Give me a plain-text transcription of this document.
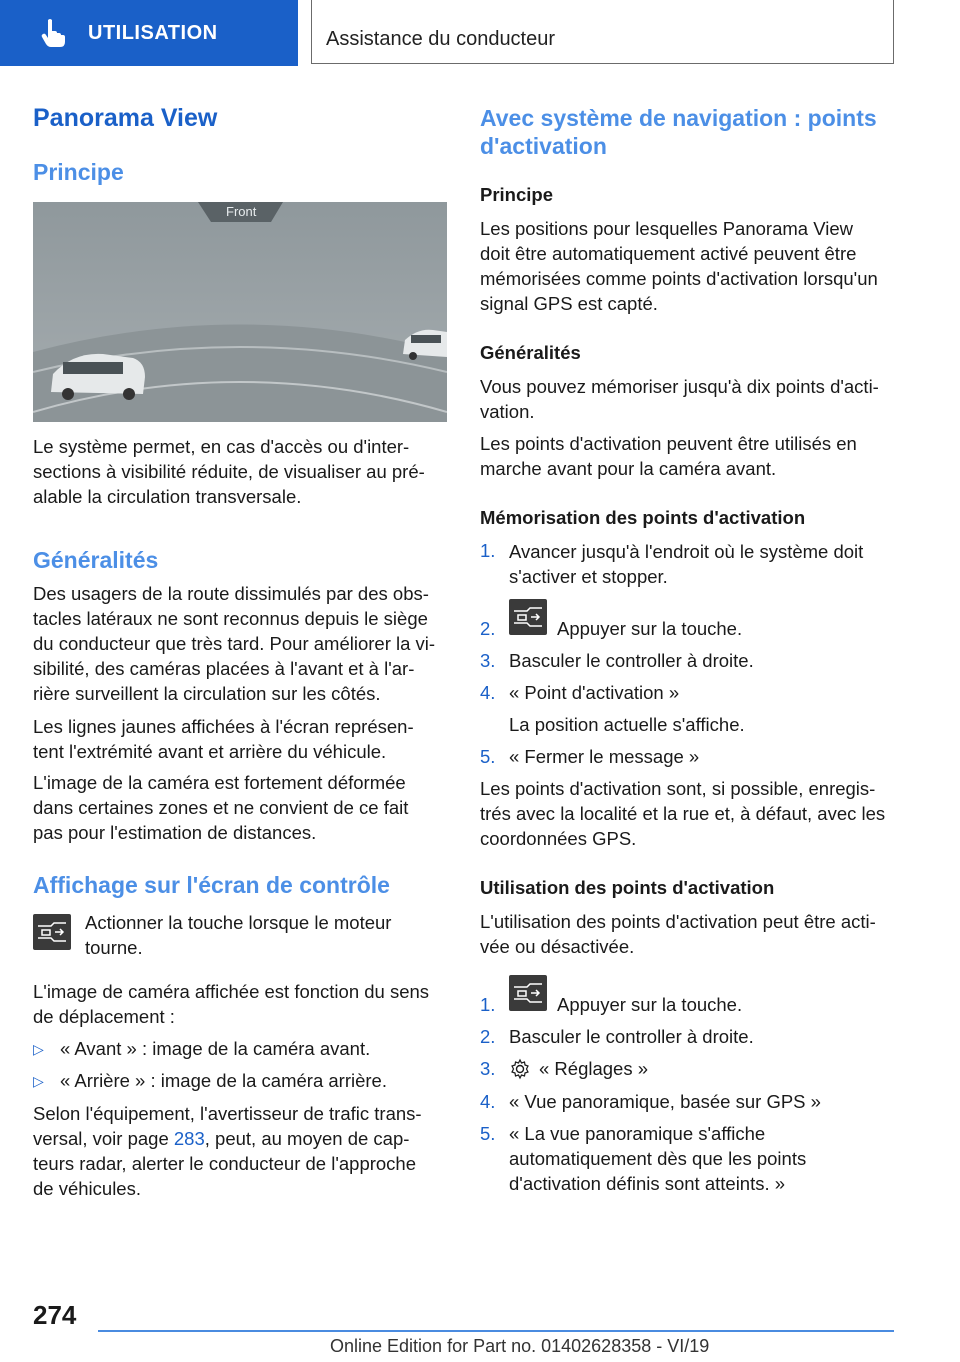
UTILISATION	Assistance du conducteur
Panorama View
Principe
Front
Le système permet, en cas d'accès ou d'inter‐
sections à visibilité réduite, de visualiser au pré‐
alable la circulation transversale.
Généralités
Des usagers de la route dissimulés par des obs‐
tacles latéraux ne sont reconnus depuis le siège
du conducteur que très tard. Pour améliorer la vi‐
sibilité, des caméras placées à l'avant et à l'ar‐
rière surveillent la circulation sur les côtés.
Les lignes jaunes affichées à l'écran représen‐
tent l'extrémité avant et arrière du véhicule.
L'image de la caméra est fortement déformée
dans certaines zones et ne convient de ce fait
pas pour l'estimation de distances.
Affichage sur l'écran de contrôle
Actionner la touche lorsque le moteur
tourne.
L'image de caméra affichée est fonction du sens
de déplacement :
▷ « Avant » : image de la caméra avant.
▷ « Arrière » : image de la caméra arrière.
Selon l'équipement, l'avertisseur de trafic trans‐
versal, voir page 283, peut, au moyen de cap‐
teurs radar, alerter le conducteur de l'approche
de véhicules.
Avec système de navigation : points
d'activation
Principe
Les positions pour lesquelles Panorama View
doit être automatiquement activé peuvent être
mémorisées comme points d'activation lorsqu'un
signal GPS est capté.
Généralités
Vous pouvez mémoriser jusqu'à dix points d'acti‐
vation.
Les points d'activation peuvent être utilisés en
marche avant pour la caméra avant.
Mémorisation des points d'activation
1. Avancer jusqu'à l'endroit où le système doit
s'activer et stopper.
2.	Appuyer sur la touche.
3. Basculer le controller à droite.
4. « Point d'activation »
La position actuelle s'affiche.
5. « Fermer le message »
Les points d'activation sont, si possible, enregis‐
trés avec la localité et la rue et, à défaut, avec les
coordonnées GPS.
Utilisation des points d'activation
L'utilisation des points d'activation peut être acti‐
vée ou désactivée.
1.	Appuyer sur la touche.
2. Basculer le controller à droite.
3. « Réglages »
4. « Vue panoramique, basée sur GPS »
5. « La vue panoramique s'affiche
automatiquement dès que les points
d'activation définis sont atteints. »
274
Online Edition for Part no. 01402628358 - VI/19
